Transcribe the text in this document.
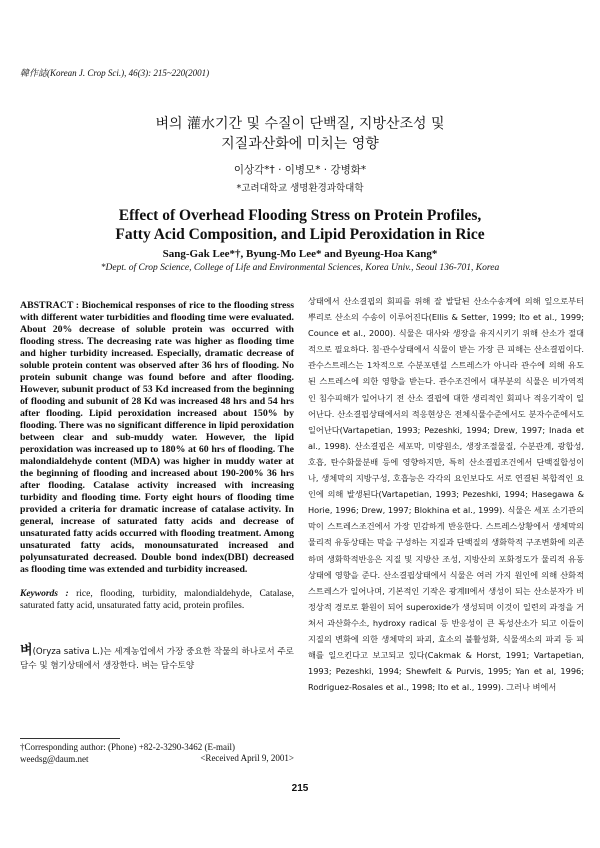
韓作誌(Korean J. Crop Sci.), 46(3): 215~220(2001)
벼의 灌水기간 및 수질이 단백질, 지방산조성 및
지질과산화에 미치는 영향
이상각*† · 이병모* · 강병화*
*고려대학교 생명환경과학대학
Effect of Overhead Flooding Stress on Protein Profiles,
Fatty Acid Composition, and Lipid Peroxidation in Rice
Sang-Gak Lee*†, Byung-Mo Lee* and Byeung-Hoa Kang*
*Dept. of Crop Science, College of Life and Environmental Sciences, Korea Univ., Seoul 136-701, Korea
ABSTRACT : Biochemical responses of rice to the flooding stress with different water turbidities and flooding time were evaluated. About 20% decrease of soluble protein was occurred with flooding stress. The decreasing rate was higher as flooding time and higher turbidity increased. Especially, dramatic decrease of soluble protein content was observed after 36 hrs of flooding. No protein subunit change was found before and after flooding. However, subunit product of 53 Kd increased from the beginning of flooding and subunit of 28 Kd was increased 48 hrs and 54 hrs after flooding. Lipid peroxidation increased about 150% by flooding. There was no significant difference in lipid peroxidation between clear and sub-muddy water. However, the lipid peroxidation was increased up to 180% at 60 hrs of flooding. The malondialdehyde content (MDA) was higher in muddy water at the beginning of flooding and increased about 190-200% 36 hrs after flooding. Catalase activity increased with increasing turbidity and flooding time. Forty eight hours of flooding time provided a criteria for dramatic increase of catalase activity. In general, increase of saturated fatty acids and decrease of unsaturated fatty acids occurred with flooding treatment. Among unsaturated fatty acids, monounsaturated increased and polyunsaturated decreased. Double bond index(DBI) decreased as flooding time was extended and turbidity increased.
Keywords : rice, flooding, turbidity, malondialdehyde, Catalase, saturated fatty acid, unsaturated fatty acid, protein profiles.
벼(Oryza sativa L.)는 세계농업에서 가장 중요한 작물의 하나로서 주로 담수 및 혐기상태에서 생장한다. 벼는 담수토양
†Corresponding author: (Phone) +82-2-3290-3462 (E-mail) weedsg@daum.net	<Received April 9, 2001>
상태에서 산소결핍의 회피를 위해 잘 발달된 산소수송계에 의해 잎으로부터 뿌리로 산소의 수송이 이루어진다(Ellis & Setter, 1999; Ito et al., 1999; Counce et al., 2000). 식물은 대사와 생장을 유지시키기 위해 산소가 절대적으로 필요하다. 침·관수상태에서 식물이 받는 가장 큰 피해는 산소결핍이다. 관수스트레스는 1차적으로 수분포텐셜 스트레스가 아니라 관수에 의해 유도된 스트레스에 의한 영향을 받는다. 관수조건에서 대부분의 식물은 비가역적인 침수피해가 일어나기 전 산소 결핍에 대한 생리적인 회피나 적응기작이 일어난다. 산소결핍상태에서의 적응현상은 전체식물수준에서도 분자수준에서도 일어난다(Vartapetian, 1993; Pezeshki, 1994; Drew, 1997; Inada et al., 1998). 산소결핍은 세포막, 미량원소, 생장조절물질, 수분관계, 광합성, 호흡, 탄수화물분배 등에 영향하지만, 특히 산소결핍조건에서 단백질합성이나, 생체막의 지방구성, 호흡능은 각각의 요인보다도 서로 연결된 복합적인 요인에 의해 발생된다(Vartapetian, 1993; Pezeshki, 1994; Hasegawa & Horie, 1996; Drew, 1997; Blokhina et al., 1999). 식물은 세포 소기관의 막이 스트레스조건에서 가장 민감하게 반응한다. 스트레스상황에서 생체막의 물리적 유동상태는 막을 구성하는 지질과 단백질의 생화학적 구조변화에 의존하며 생화학적반응은 지질 및 지방산 조성, 지방산의 포화정도가 물리적 유동상태에 영향을 준다. 산소결핍상태에서 식물은 여러 가지 원인에 의해 산화적 스트레스가 일어나며, 기본적인 기작은 광계II에서 생성이 되는 산소분자가 비정상적 경로로 환원이 되어 superoxide가 생성되며 이것이 일련의 과정을 거쳐서 과산화수소, hydroxy radical 등 반응성이 큰 독성산소가 되고 이들이 지질의 변화에 의한 생체막의 파괴, 효소의 불활성화, 식물색소의 파괴 등 피해를 일으킨다고 보고되고 있다(Cakmak & Horst, 1991; Vartapetian, 1993; Pezeshki, 1994; Shewfelt & Purvis, 1995; Yan et al, 1996; Rodriguez-Rosales et al., 1998; Ito et al., 1999). 그러나 벼에서
215
